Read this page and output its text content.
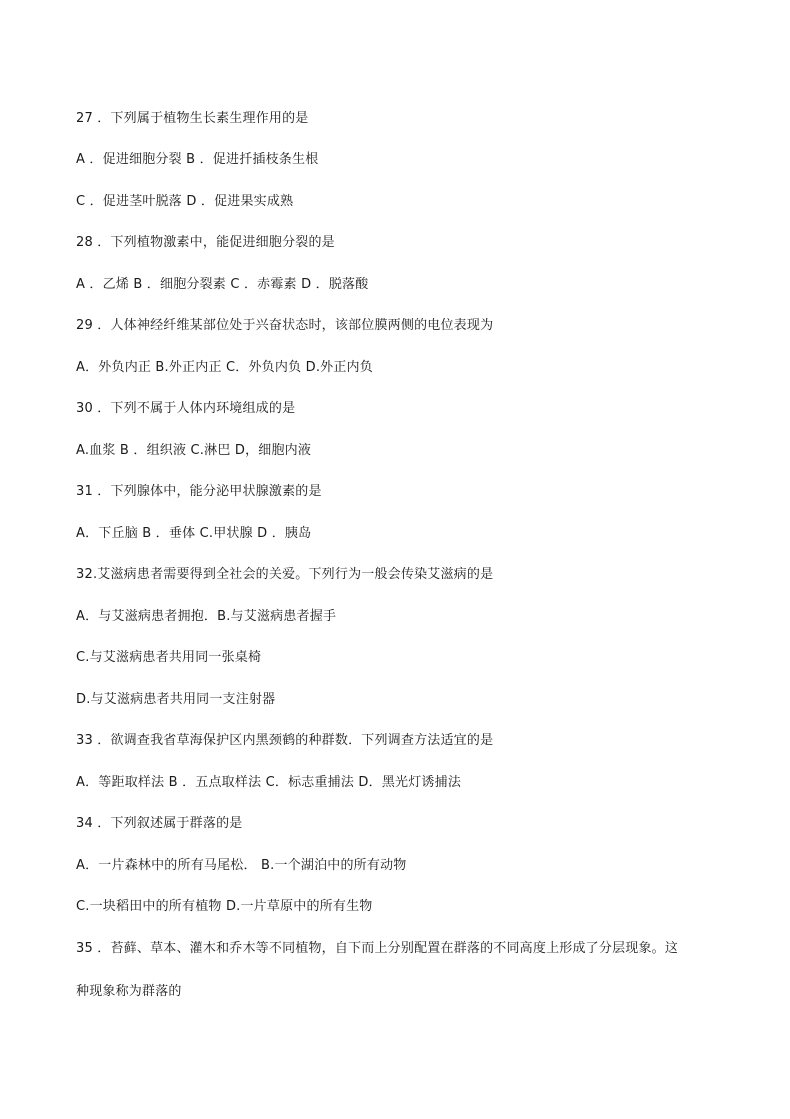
27 ．下列属于植物生长素生理作用的是
A ．促进细胞分裂 B ．促进扦插枝条生根
C ．促进茎叶脱落 D ．促进果实成熟
28 ．下列植物激素中，能促进细胞分裂的是
A ．乙烯 B ．细胞分裂素 C ．赤霉素 D ．脱落酸
29 ．人体神经纤维某部位处于兴奋状态时，该部位膜两侧的电位表现为
A．外负内正 B.外正内正 C．外负内负 D.外正内负
30 ．下列不属于人体内环境组成的是
A.血浆 B ．组织液 C.淋巴 D，细胞内液
31 ．下列腺体中，能分泌甲状腺激素的是
A．下丘脑 B ．垂体 C.甲状腺 D ．胰岛
32.艾滋病患者需要得到全社会的关爱。下列行为一般会传染艾滋病的是
A．与艾滋病患者拥抱．B.与艾滋病患者握手
C.与艾滋病患者共用同一张桌椅
D.与艾滋病患者共用同一支注射器
33 ．欲调查我省草海保护区内黑颈鹤的种群数．下列调查方法适宜的是
A．等距取样法 B ．五点取样法 C．标志重捕法 D．黑光灯诱捕法
34 ．下列叙述属于群落的是
A．一片森林中的所有马尾松． B.一个湖泊中的所有动物
C.一块稻田中的所有植物 D.一片草原中的所有生物
35 ．苔藓、草本、灌木和乔木等不同植物，自下而上分别配置在群落的不同高度上形成了分层现象。这
种现象称为群落的
